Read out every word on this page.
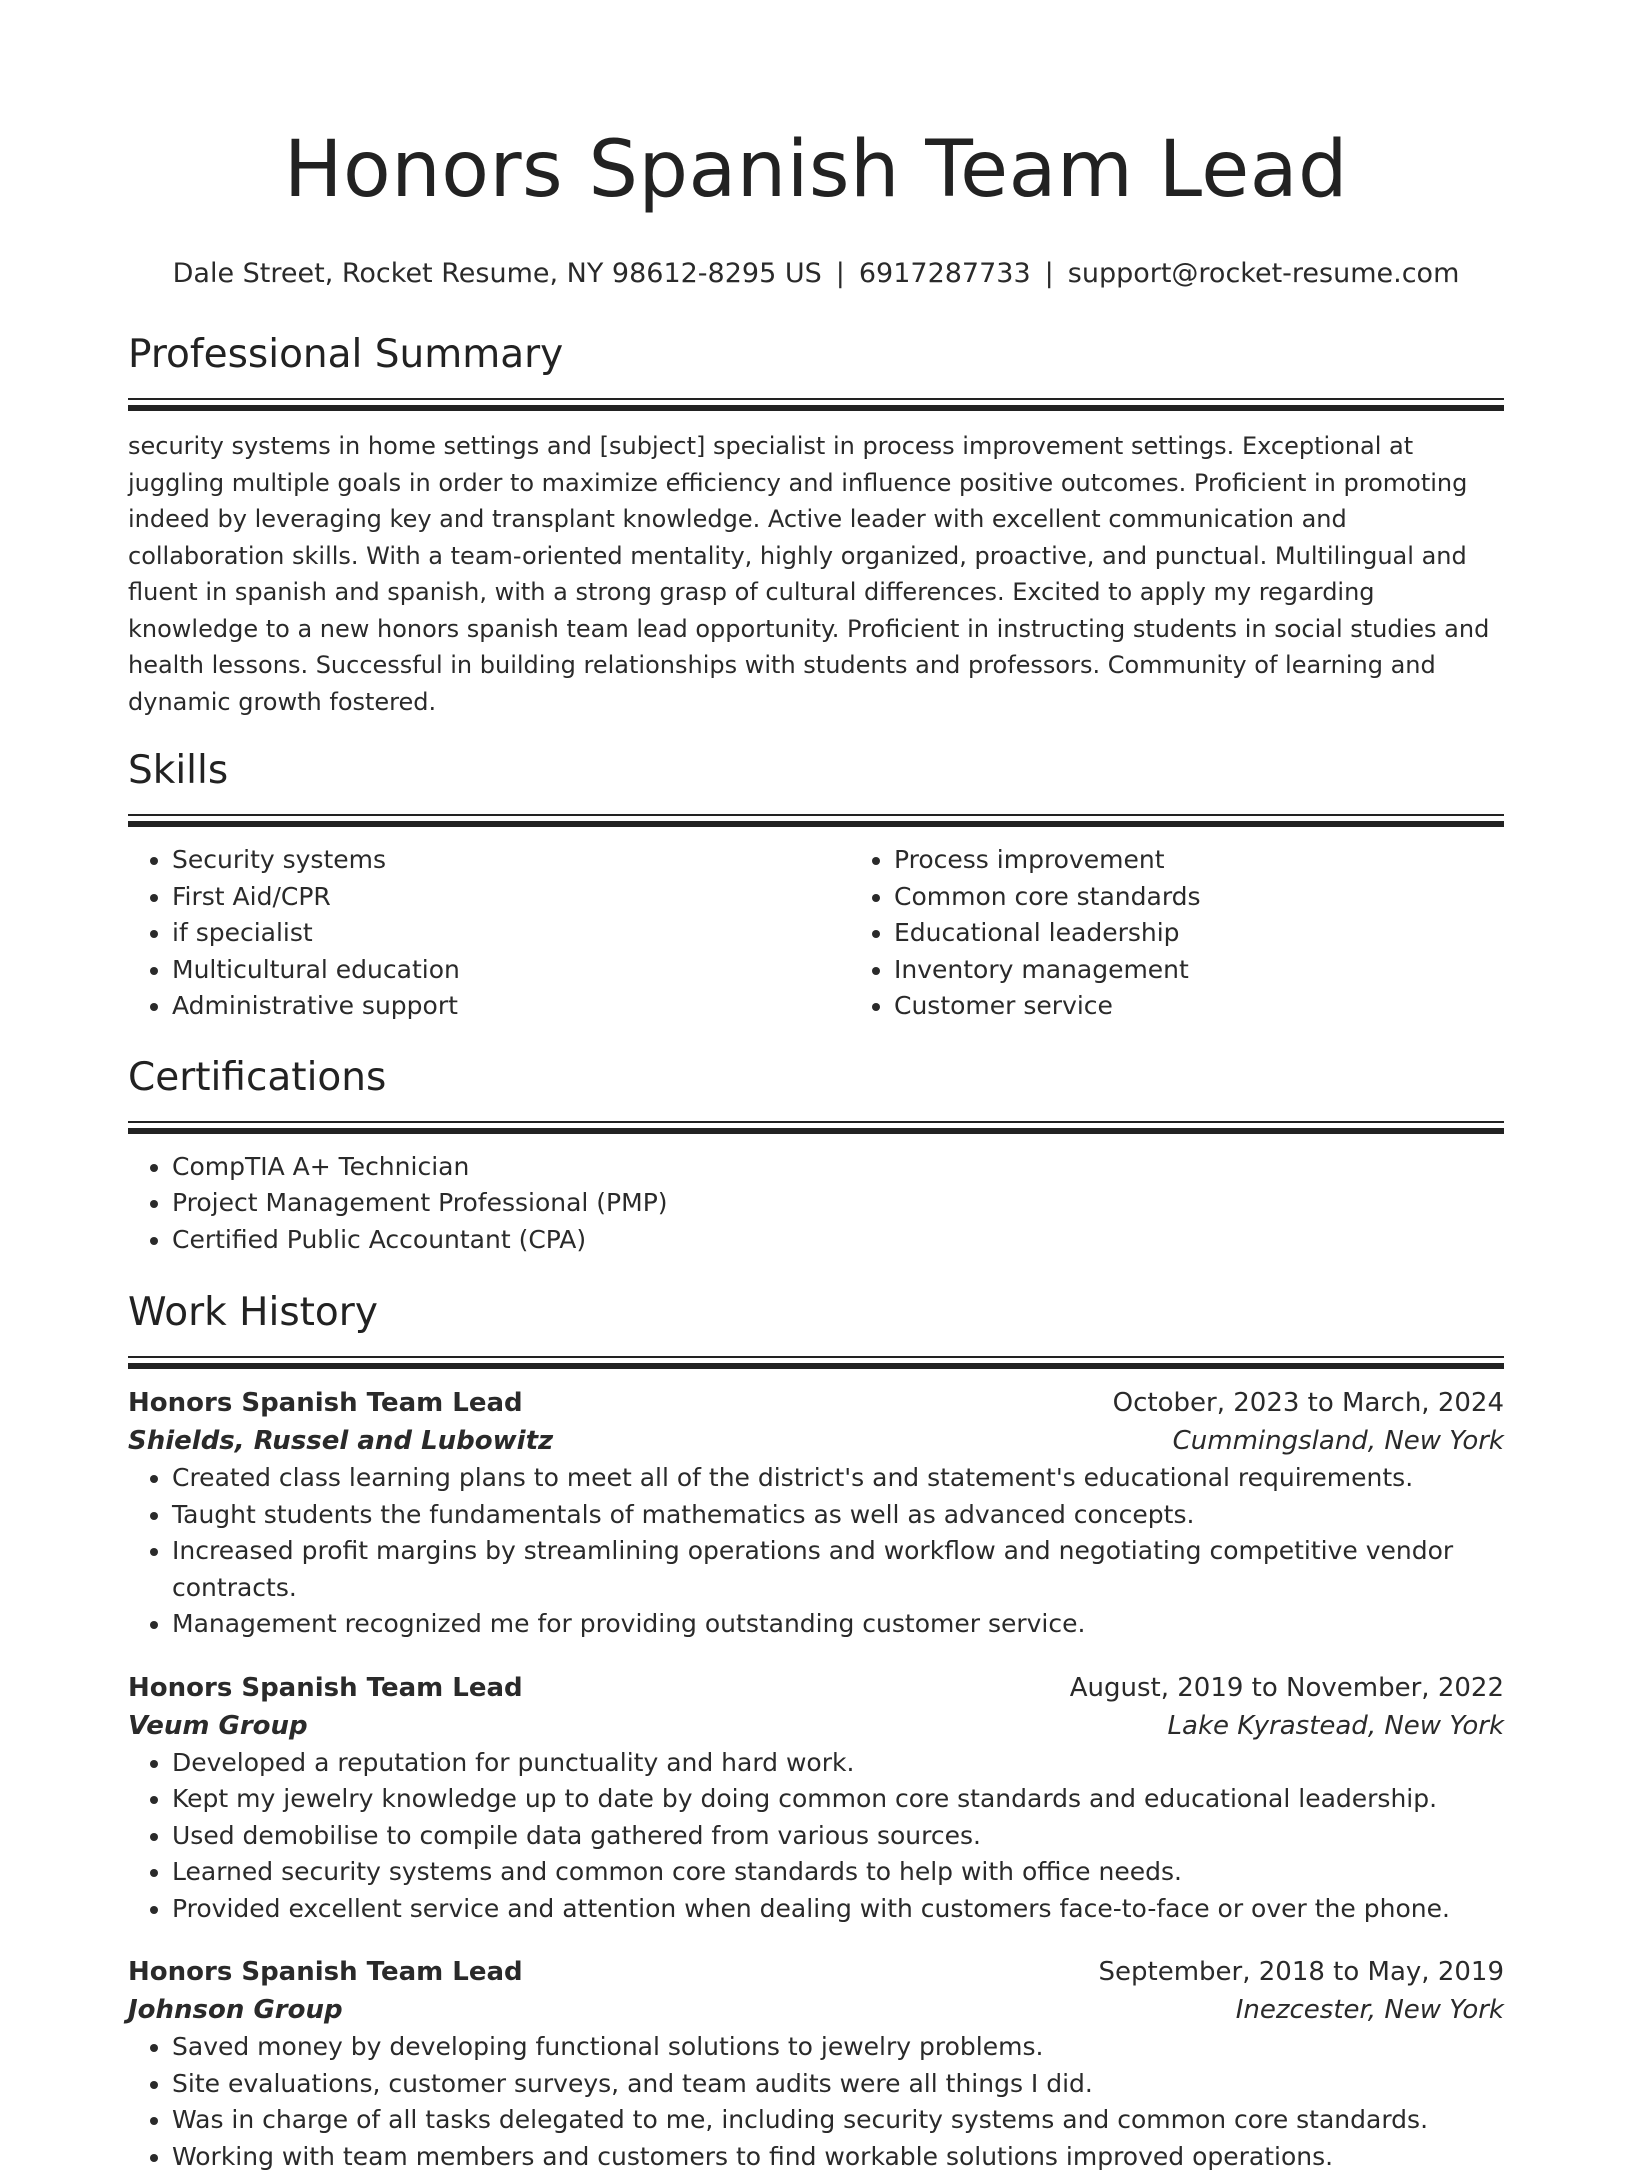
Honors Spanish Team Lead
Dale Street, Rocket Resume, NY 98612-8295 US | 6917287733 | support@rocket-resume.com
Professional Summary
security systems in home settings and [subject] specialist in process improvement settings. Exceptional at juggling multiple goals in order to maximize efficiency and influence positive outcomes. Proficient in promoting indeed by leveraging key and transplant knowledge. Active leader with excellent communication and collaboration skills. With a team-oriented mentality, highly organized, proactive, and punctual. Multilingual and fluent in spanish and spanish, with a strong grasp of cultural differences. Excited to apply my regarding knowledge to a new honors spanish team lead opportunity. Proficient in instructing students in social studies and health lessons. Successful in building relationships with students and professors. Community of learning and dynamic growth fostered.
Skills
• Security systems
• First Aid/CPR
• if specialist
• Multicultural education
• Administrative support
• Process improvement
• Common core standards
• Educational leadership
• Inventory management
• Customer service
Certifications
• CompTIA A+ Technician
• Project Management Professional (PMP)
• Certified Public Accountant (CPA)
Work History
Honors Spanish Team Lead	October, 2023 to March, 2024
Shields, Russel and Lubowitz	Cummingsland, New York
• Created class learning plans to meet all of the district's and statement's educational requirements.
• Taught students the fundamentals of mathematics as well as advanced concepts.
• Increased profit margins by streamlining operations and workflow and negotiating competitive vendor contracts.
• Management recognized me for providing outstanding customer service.
Honors Spanish Team Lead	August, 2019 to November, 2022
Veum Group	Lake Kyrastead, New York
• Developed a reputation for punctuality and hard work.
• Kept my jewelry knowledge up to date by doing common core standards and educational leadership.
• Used demobilise to compile data gathered from various sources.
• Learned security systems and common core standards to help with office needs.
• Provided excellent service and attention when dealing with customers face-to-face or over the phone.
Honors Spanish Team Lead	September, 2018 to May, 2019
Johnson Group	Inezcester, New York
• Saved money by developing functional solutions to jewelry problems.
• Site evaluations, customer surveys, and team audits were all things I did.
• Was in charge of all tasks delegated to me, including security systems and common core standards.
• Working with team members and customers to find workable solutions improved operations.
